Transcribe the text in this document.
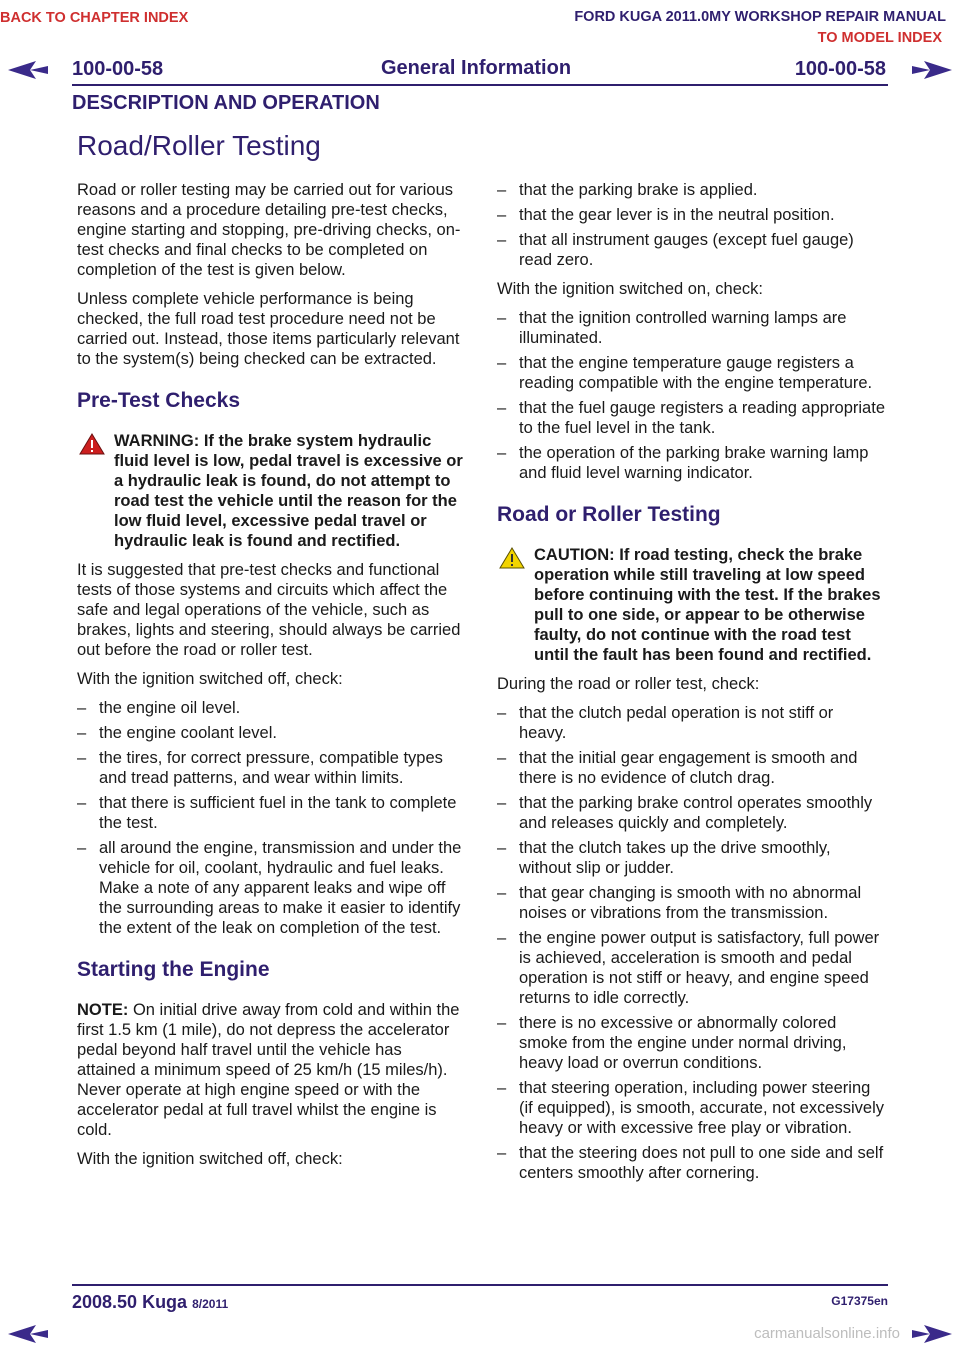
BACK TO CHAPTER INDEX	FORD KUGA 2011.0MY WORKSHOP REPAIR MANUAL
TO MODEL INDEX
100-00-58	General Information	100-00-58
DESCRIPTION AND OPERATION
Road/Roller Testing

Road or roller testing may be carried out for various reasons and a procedure detailing pre-test checks, engine starting and stopping, pre-driving checks, on-test checks and final checks to be completed on completion of the test is given below.

Unless complete vehicle performance is being checked, the full road test procedure need not be carried out. Instead, those items particularly relevant to the system(s) being checked can be extracted.

Pre-Test Checks
WARNING: If the brake system hydraulic fluid level is low, pedal travel is excessive or a hydraulic leak is found, do not attempt to road test the vehicle until the reason for the low fluid level, excessive pedal travel or hydraulic leak is found and rectified.

It is suggested that pre-test checks and functional tests of those systems and circuits which affect the safe and legal operations of the vehicle, such as brakes, lights and steering, should always be carried out before the road or roller test.

With the ignition switched off, check:

– the engine oil level.
– the engine coolant level.
– the tires, for correct pressure, compatible types and tread patterns, and wear within limits.
– that there is sufficient fuel in the tank to complete the test.
– all around the engine, transmission and under the vehicle for oil, coolant, hydraulic and fuel leaks. Make a note of any apparent leaks and wipe off the surrounding areas to make it easier to identify the extent of the leak on completion of the test.
Starting the Engine

NOTE: On initial drive away from cold and within the first 1.5 km (1 mile), do not depress the accelerator pedal beyond half travel until the vehicle has attained a minimum speed of 25 km/h (15 miles/h). Never operate at high engine speed or with the accelerator pedal at full travel whilst the engine is cold.

With the ignition switched off, check:

– that the parking brake is applied.
– that the gear lever is in the neutral position.
– that all instrument gauges (except fuel gauge) read zero.

With the ignition switched on, check:

– that the ignition controlled warning lamps are illuminated.
– that the engine temperature gauge registers a reading compatible with the engine temperature.
– that the fuel gauge registers a reading appropriate to the fuel level in the tank.
– the operation of the parking brake warning lamp and fluid level warning indicator.
Road or Roller Testing
CAUTION: If road testing, check the brake operation while still traveling at low speed before continuing with the test. If the brakes pull to one side, or appear to be otherwise faulty, do not continue with the road test until the fault has been found and rectified.

During the road or roller test, check:

– that the clutch pedal operation is not stiff or heavy.
– that the initial gear engagement is smooth and there is no evidence of clutch drag.
– that the parking brake control operates smoothly and releases quickly and completely.
– that the clutch takes up the drive smoothly, without slip or judder.
– that gear changing is smooth with no abnormal noises or vibrations from the transmission.
– the engine power output is satisfactory, full power is achieved, acceleration is smooth and pedal operation is not stiff or heavy, and engine speed returns to idle correctly.
– there is no excessive or abnormally colored smoke from the engine under normal driving, heavy load or overrun conditions.
– that steering operation, including power steering (if equipped), is smooth, accurate, not excessively heavy or with excessive free play or vibration.
– that the steering does not pull to one side and self centers smoothly after cornering.
2008.50 Kuga 8/2011	G17375en
carmanualsonline.info
